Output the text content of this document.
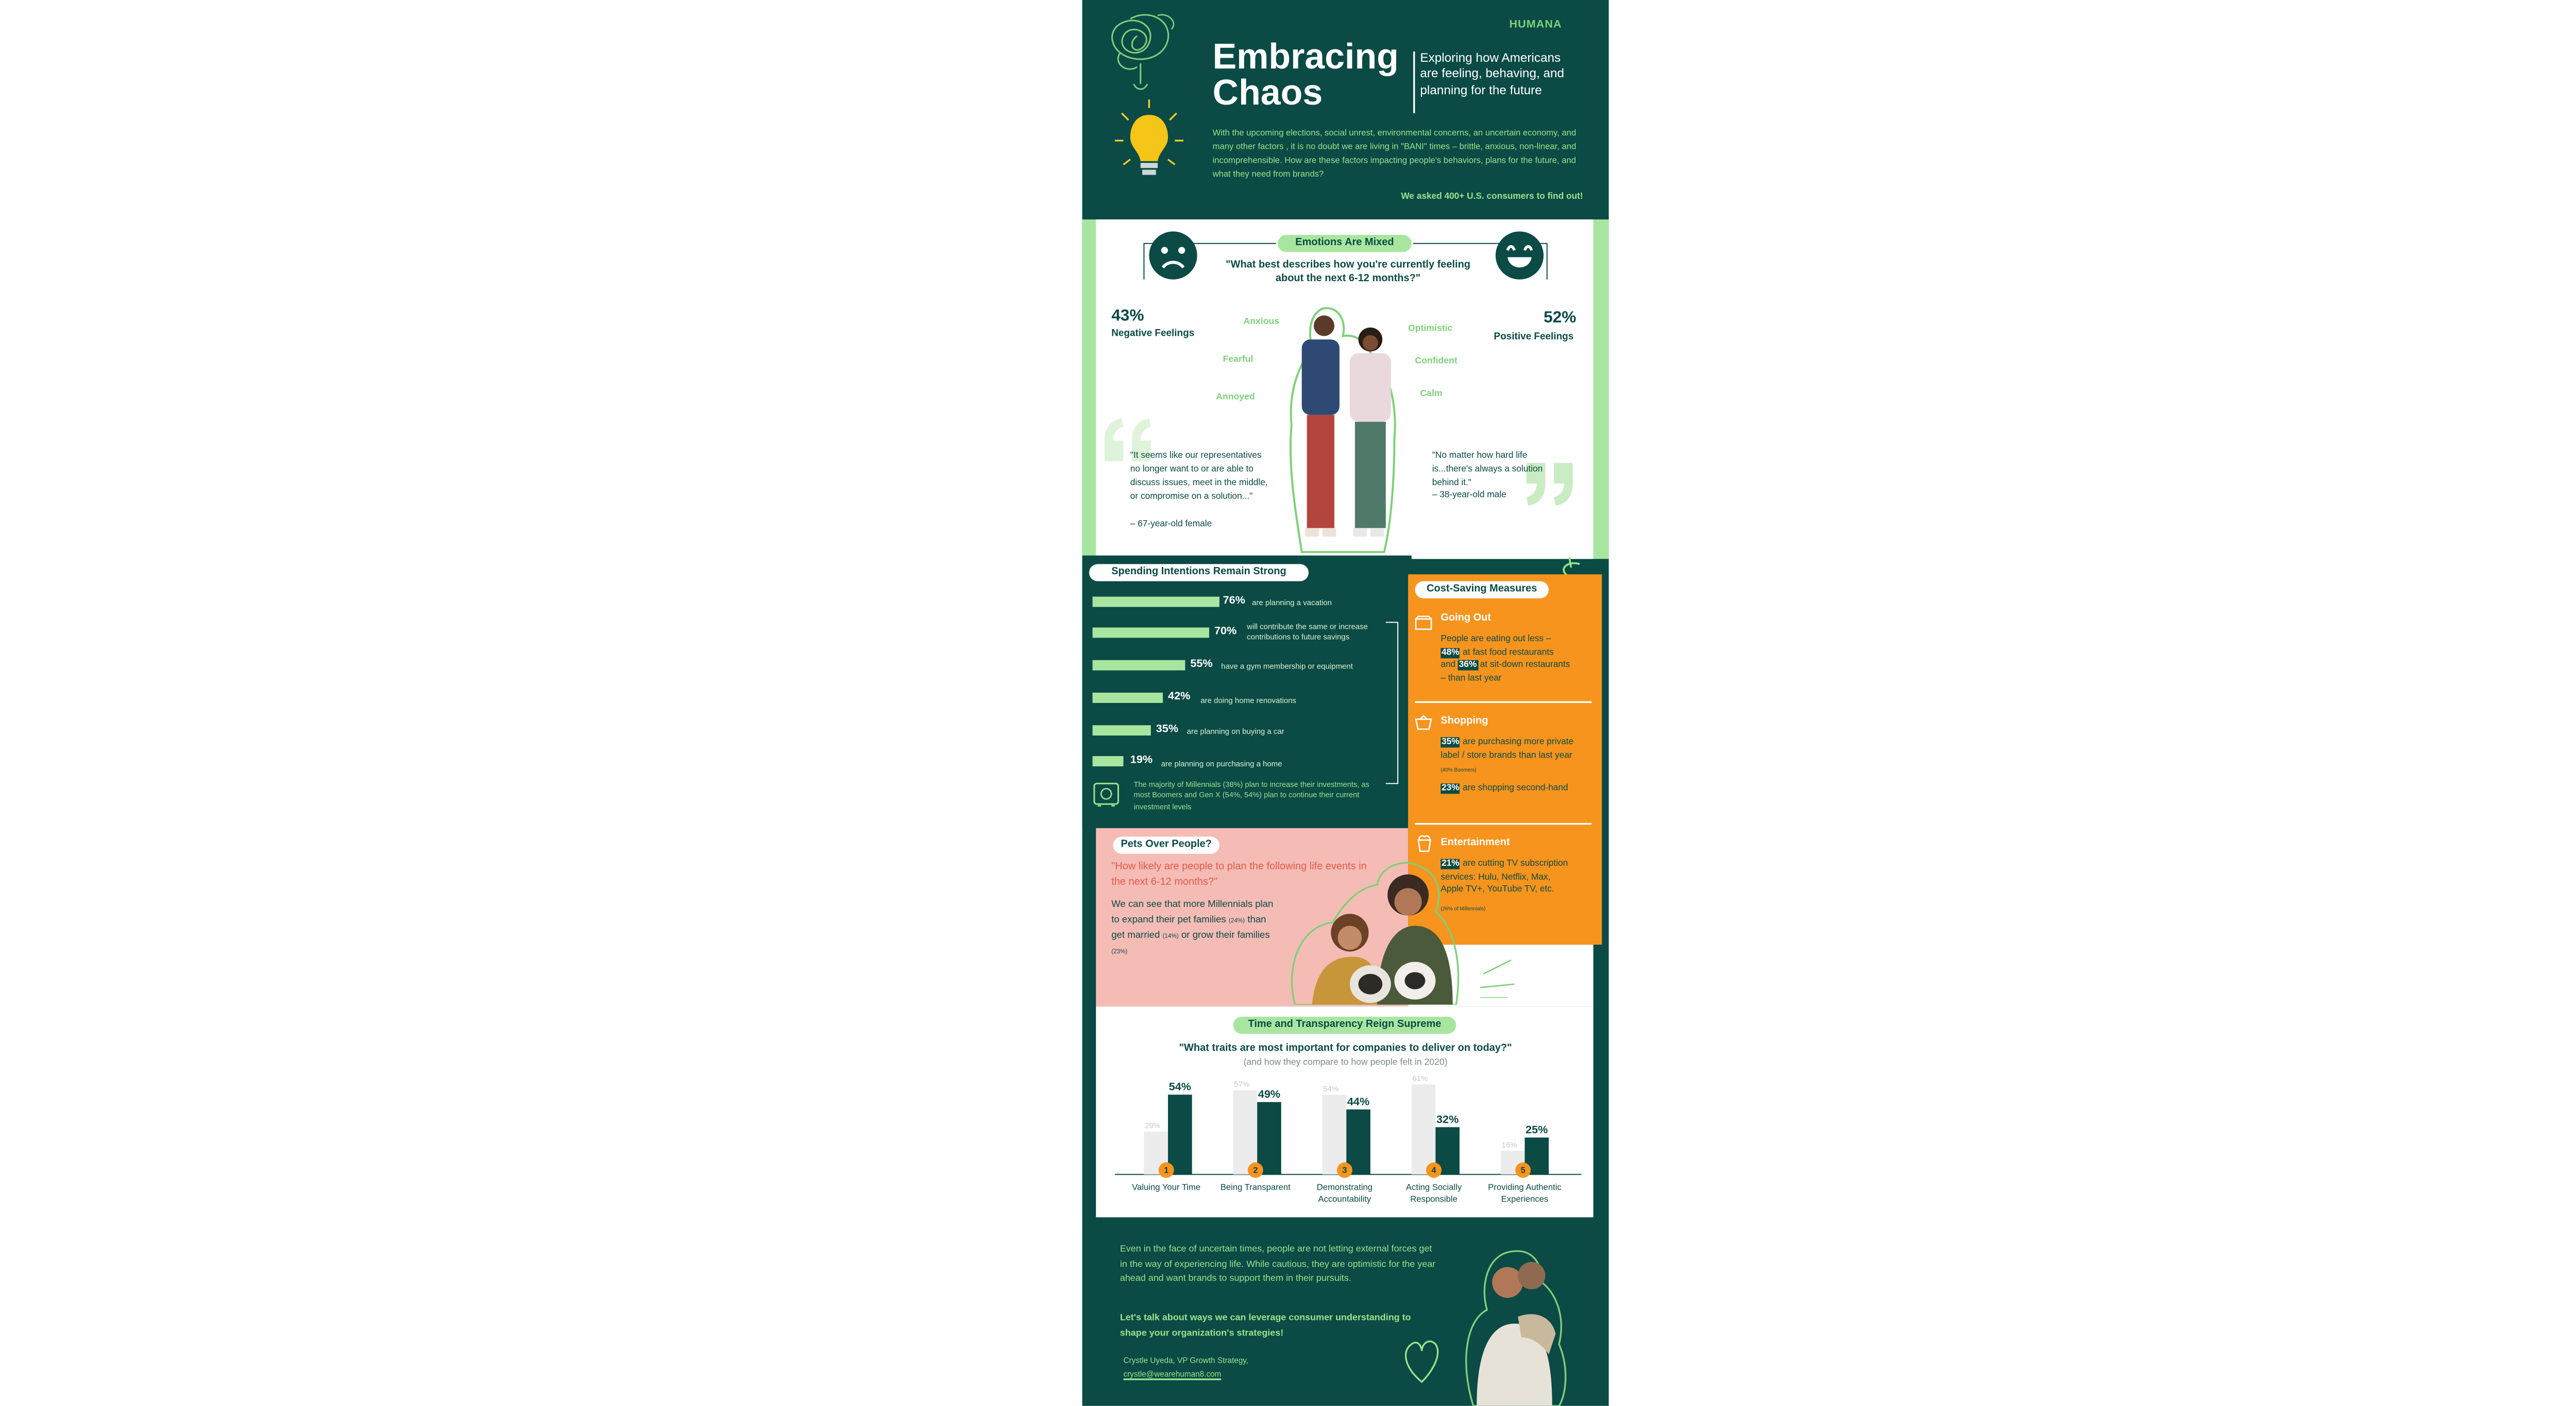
HUMANA
Embracing Chaos
Exploring how Americans are feeling, behaving, and planning for the future
With the upcoming elections, social unrest, environmental concerns, an uncertain economy, and many other factors , it is no doubt we are living in "BANI" times – brittle, anxious, non-linear, and incomprehensible. How are these factors impacting people's behaviors, plans for the future, and what they need from brands?
We asked 400+ U.S. consumers to find out!
Emotions Are Mixed
"What best describes how you're currently feeling about the next 6-12 months?"
43%
Negative Feelings
52%
Positive Feelings
Anxious
Fearful
Annoyed
Optimistic
Confident
Calm
"It seems like our representatives no longer want to or are able to discuss issues, meet in the middle, or compromise on a solution..."
– 67-year-old female
"No matter how hard life is...there's always a solution behind it."
– 38-year-old male
Spending Intentions Remain Strong
76%	are planning a vacation
70%	will contribute the same or increase contributions to future savings
55%	have a gym membership or equipment
42%	are doing home renovations
35%	are planning on buying a car
19%	are planning on purchasing a home
The majority of Millennials (38%) plan to increase their investments, as most Boomers and Gen X (54%, 54%) plan to continue their current investment levels
Cost-Saving Measures
Going Out
People are eating out less –
48% at fast food restaurants
and 36% at sit-down restaurants
– than last year
Shopping
35% are purchasing more private
label / store brands than last year
(40% Boomers)
23% are shopping second-hand
Entertainment
21% are cutting TV subscription
services: Hulu, Netflix, Max,
Apple TV+, YouTube TV, etc.
(26% of Millennials)
Pets Over People?
"How likely are people to plan the following life events in the next 6-12 months?"
We can see that more Millennials plan
to expand their pet families (24%) than
get married (14%) or grow their families
(23%)
Time and Transparency Reign Supreme
"What traits are most important for companies to deliver on today?"
(and how they compare to how people felt in 2020)
29%
54%
1
57%
49%
2
54%
44%
3
61%
32%
4
16%
25%
5
Valuing Your Time	Being Transparent	Demonstrating Accountability
Acting Socially Responsible
Providing Authentic Experiences
Even in the face of uncertain times, people are not letting external forces get in the way of experiencing life. While cautious, they are optimistic for the year ahead and want brands to support them in their pursuits.
Let's talk about ways we can leverage consumer understanding to shape your organization's strategies!
Crystle Uyeda, VP Growth Strategy,
crystle@wearehuman8.com
